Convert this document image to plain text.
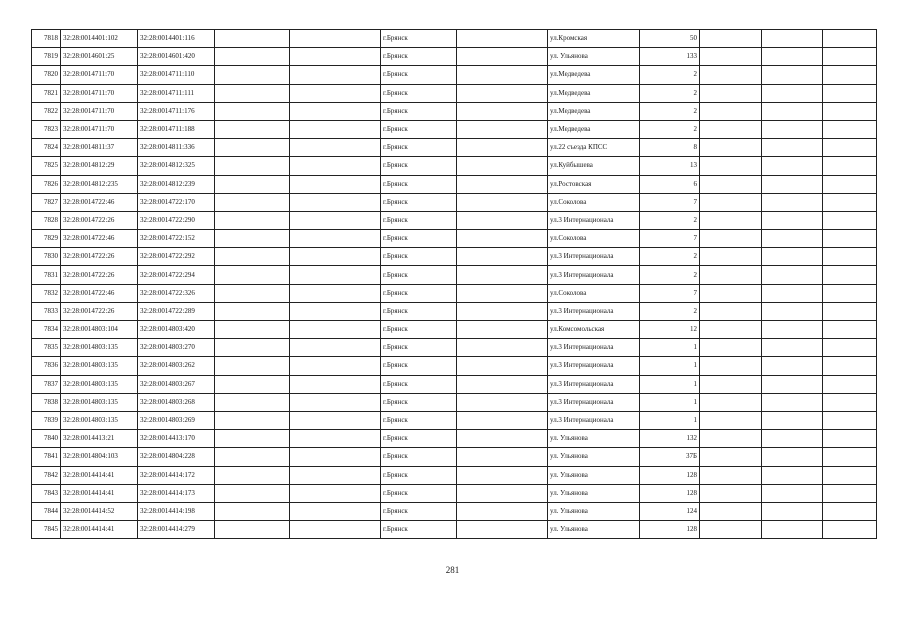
7818	32:28:0014401:102	32:28:0014401:116			г.Брянск		ул.Кромская	50			
7819	32:28:0014601:25	32:28:0014601:420			г.Брянск		ул. Ульянова	133			
7820	32:28:0014711:70	32:28:0014711:110			г.Брянск		ул.Медведева	2			
7821	32:28:0014711:70	32:28:0014711:111			г.Брянск		ул.Медведева	2			
7822	32:28:0014711:70	32:28:0014711:176			г.Брянск		ул.Медведева	2			
7823	32:28:0014711:70	32:28:0014711:188			г.Брянск		ул.Медведева	2			
7824	32:28:0014811:37	32:28:0014811:336			г.Брянск		ул.22 съезда КПСС	8			
7825	32:28:0014812:29	32:28:0014812:325			г.Брянск		ул.Куйбышева	13			
7826	32:28:0014812:235	32:28:0014812:239			г.Брянск		ул.Ростовская	6			
7827	32:28:0014722:46	32:28:0014722:170			г.Брянск		ул.Соколова	7			
7828	32:28:0014722:26	32:28:0014722:290			г.Брянск		ул.3 Интернационала	2			
7829	32:28:0014722:46	32:28:0014722:152			г.Брянск		ул.Соколова	7			
7830	32:28:0014722:26	32:28:0014722:292			г.Брянск		ул.3 Интернационала	2			
7831	32:28:0014722:26	32:28:0014722:294			г.Брянск		ул.3 Интернационала	2			
7832	32:28:0014722:46	32:28:0014722:326			г.Брянск		ул.Соколова	7			
7833	32:28:0014722:26	32:28:0014722:289			г.Брянск		ул.3 Интернационала	2			
7834	32:28:0014803:104	32:28:0014803:420			г.Брянск		ул.Комсомольская	12			
7835	32:28:0014803:135	32:28:0014803:270			г.Брянск		ул.3 Интернационала	1			
7836	32:28:0014803:135	32:28:0014803:262			г.Брянск		ул.3 Интернационала	1			
7837	32:28:0014803:135	32:28:0014803:267			г.Брянск		ул.3 Интернационала	1			
7838	32:28:0014803:135	32:28:0014803:268			г.Брянск		ул.3 Интернационала	1			
7839	32:28:0014803:135	32:28:0014803:269			г.Брянск		ул.3 Интернационала	1			
7840	32:28:0014413:21	32:28:0014413:170			г.Брянск		ул. Ульянова	132			
7841	32:28:0014804:103	32:28:0014804:228			г.Брянск		ул. Ульянова	37Б			
7842	32:28:0014414:41	32:28:0014414:172			г.Брянск		ул. Ульянова	128			
7843	32:28:0014414:41	32:28:0014414:173			г.Брянск		ул. Ульянова	128			
7844	32:28:0014414:52	32:28:0014414:198			г.Брянск		ул. Ульянова	124			
7845	32:28:0014414:41	32:28:0014414:279			г.Брянск		ул. Ульянова	128			
281
